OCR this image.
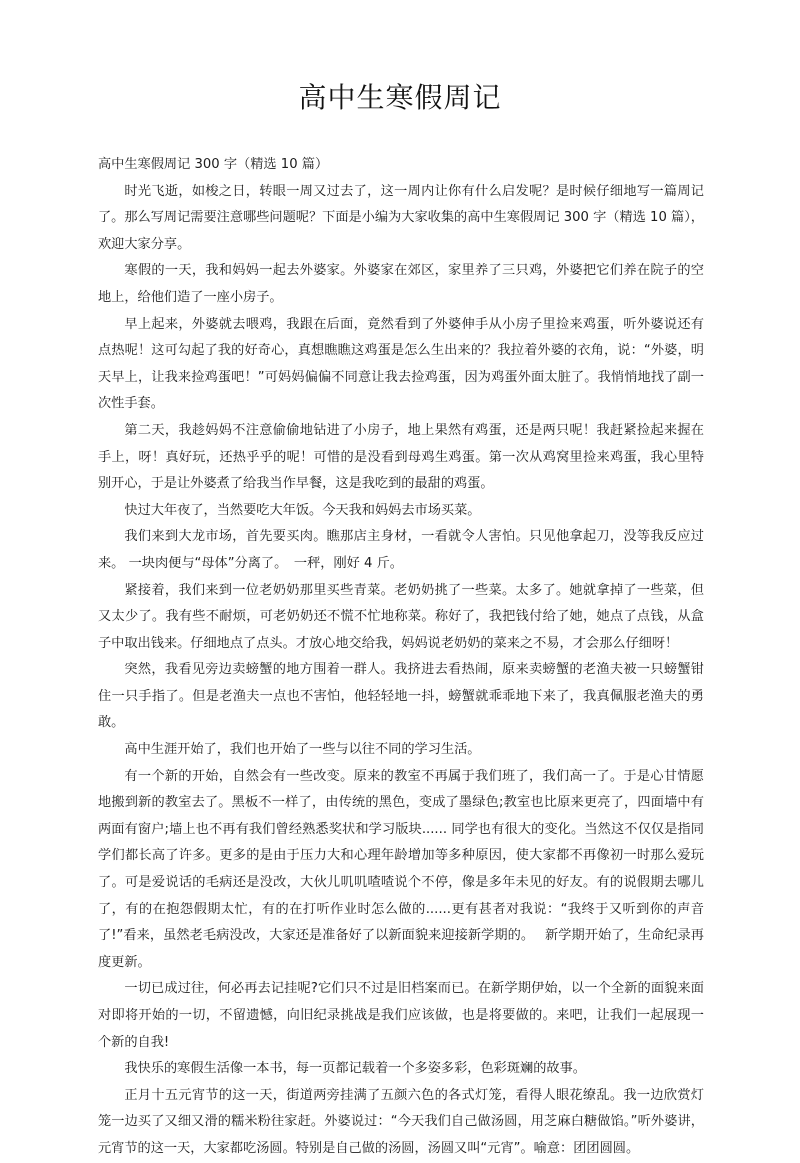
高中生寒假周记

高中生寒假周记 300 字（精选 10 篇）

时光飞逝，如梭之日，转眼一周又过去了，这一周内让你有什么启发呢？是时候仔细地写一篇周记了。那么写周记需要注意哪些问题呢？下面是小编为大家收集的高中生寒假周记 300 字（精选 10 篇），欢迎大家分享。

寒假的一天，我和妈妈一起去外婆家。外婆家在郊区，家里养了三只鸡，外婆把它们养在院子的空地上，给他们造了一座小房子。

早上起来，外婆就去喂鸡，我跟在后面，竟然看到了外婆伸手从小房子里捡来鸡蛋，听外婆说还有点热呢！这可勾起了我的好奇心，真想瞧瞧这鸡蛋是怎么生出来的？我拉着外婆的衣角，说：“外婆，明天早上，让我来捡鸡蛋吧！”可妈妈偏偏不同意让我去捡鸡蛋，因为鸡蛋外面太脏了。我悄悄地找了副一次性手套。

第二天，我趁妈妈不注意偷偷地钻进了小房子，地上果然有鸡蛋，还是两只呢！我赶紧捡起来握在手上，呀！真好玩，还热乎乎的呢！可惜的是没看到母鸡生鸡蛋。第一次从鸡窝里捡来鸡蛋，我心里特别开心，于是让外婆煮了给我当作早餐，这是我吃到的最甜的鸡蛋。

快过大年夜了，当然要吃大年饭。今天我和妈妈去市场买菜。

我们来到大龙市场，首先要买肉。瞧那店主身材，一看就令人害怕。只见他拿起刀，没等我反应过来。 一块肉便与“母体”分离了。　一秤，刚好 4 斤。

紧接着，我们来到一位老奶奶那里买些青菜。老奶奶挑了一些菜。太多了。她就拿掉了一些菜，但又太少了。我有些不耐烦，可老奶奶还不慌不忙地称菜。称好了，我把钱付给了她，她点了点钱，从盒子中取出钱来。仔细地点了点头。才放心地交给我，妈妈说老奶奶的菜来之不易，才会那么仔细呀！

突然，我看见旁边卖螃蟹的地方围着一群人。我挤进去看热闹，原来卖螃蟹的老渔夫被一只螃蟹钳住一只手指了。但是老渔夫一点也不害怕，他轻轻地一抖，螃蟹就乖乖地下来了，我真佩服老渔夫的勇敢。

高中生涯开始了，我们也开始了一些与以往不同的学习生活。

有一个新的开始，自然会有一些改变。原来的教室不再属于我们班了，我们高一了。于是心甘情愿地搬到新的教室去了。黑板不一样了，由传统的黑色，变成了墨绿色;教室也比原来更亮了，四面墙中有两面有窗户;墙上也不再有我们曾经熟悉奖状和学习版块...... 同学也有很大的变化。当然这不仅仅是指同学们都长高了许多。更多的是由于压力大和心理年龄增加等多种原因，使大家都不再像初一时那么爱玩了。可是爱说话的毛病还是没改，大伙儿叽叽喳喳说个不停，像是多年未见的好友。有的说假期去哪儿了，有的在抱怨假期太忙，有的在打听作业时怎么做的......更有甚者对我说：“我终于又听到你的声音了!”看来，虽然老毛病没改，大家还是准备好了以新面貌来迎接新学期的。　 新学期开始了，生命纪录再度更新。

一切已成过往，何必再去记挂呢?它们只不过是旧档案而已。在新学期伊始，以一个全新的面貌来面对即将开始的一切，不留遗憾，向旧纪录挑战是我们应该做，也是将要做的。来吧，让我们一起展现一个新的自我!

我快乐的寒假生活像一本书，每一页都记载着一个多姿多彩，色彩斑斓的故事。

正月十五元宵节的这一天，街道两旁挂满了五颜六色的各式灯笼，看得人眼花缭乱。我一边欣赏灯笼一边买了又细又滑的糯米粉往家赶。外婆说过：“今天我们自己做汤圆，用芝麻白糖做馅。”听外婆讲，元宵节的这一天，大家都吃汤圆。特别是自己做的汤圆，汤圆又叫“元宵”。喻意：团团圆圆。
